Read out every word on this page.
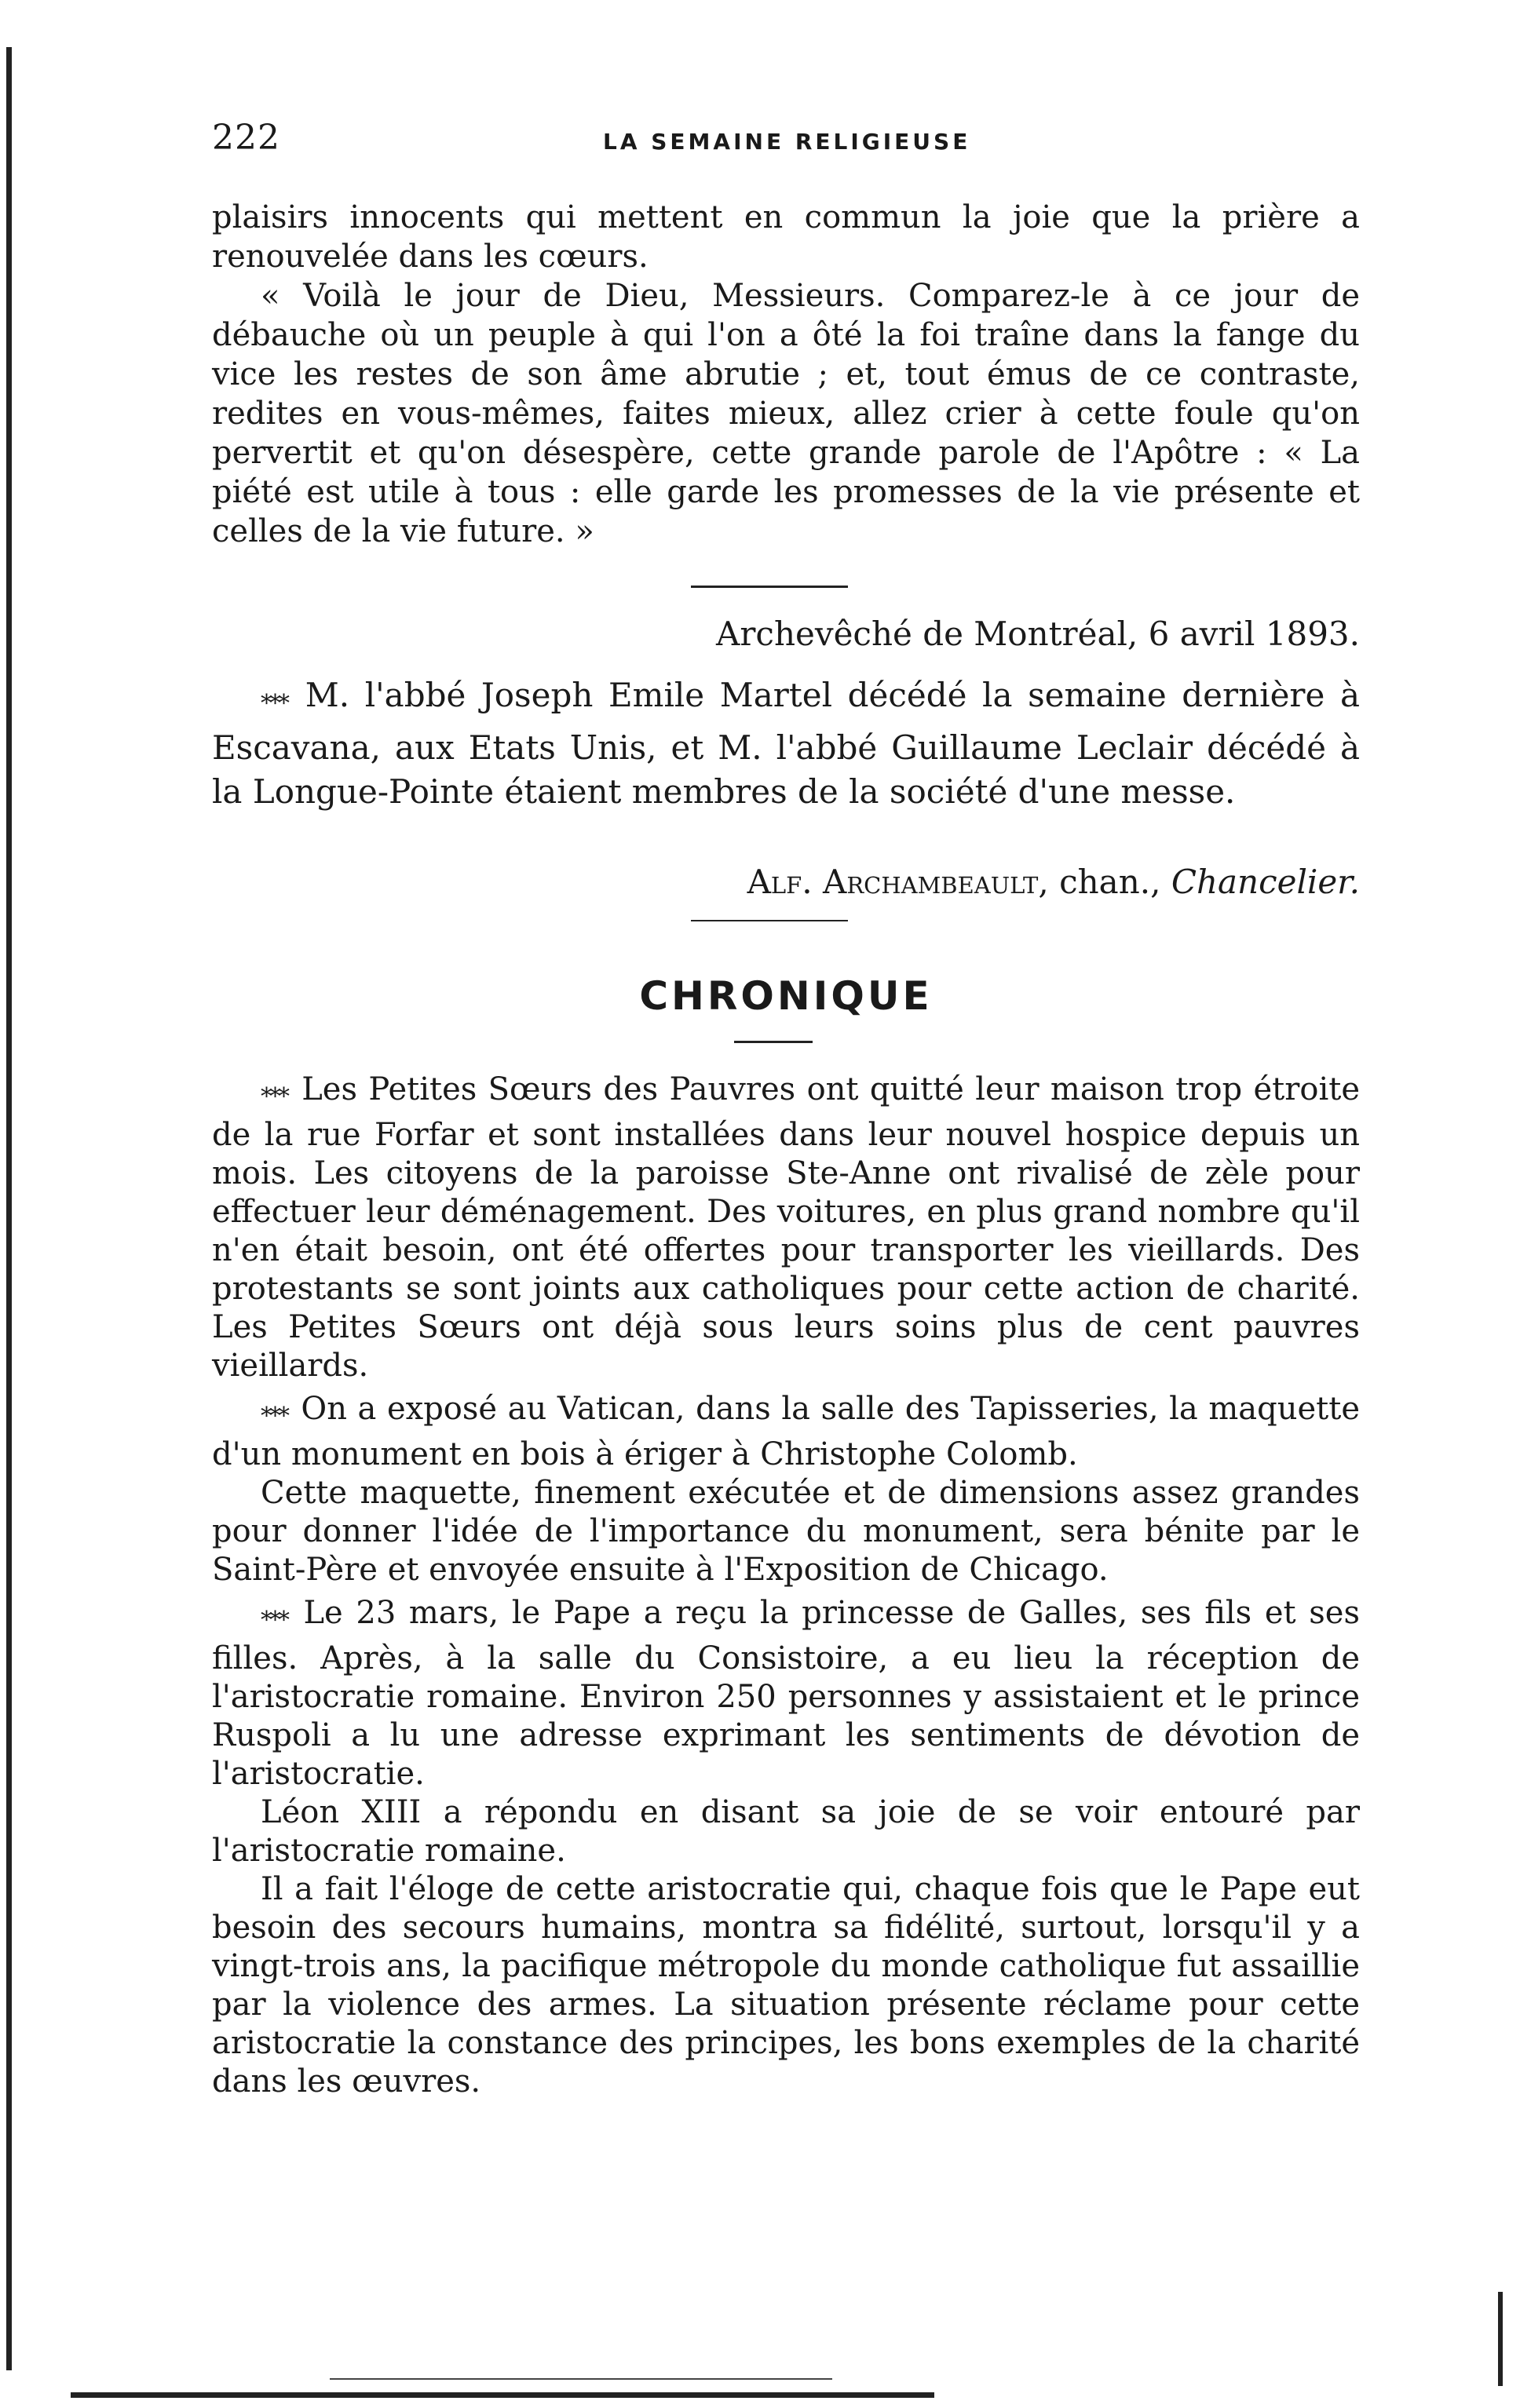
222	LA SEMAINE RELIGIEUSE

plaisirs innocents qui mettent en commun la joie que la prière a renouvelée dans les cœurs.

« Voilà le jour de Dieu, Messieurs. Comparez-le à ce jour de débauche où un peuple à qui l'on a ôté la foi traîne dans la fange du vice les restes de son âme abrutie ; et, tout émus de ce contraste, redites en vous-mêmes, faites mieux, allez crier à cette foule qu'on pervertit et qu'on désespère, cette grande parole de l'Apôtre : « La piété est utile à tous : elle garde les promesses de la vie présente et celles de la vie future. »

Archevêché de Montréal, 6 avril 1893.

*** M. l'abbé Joseph Emile Martel décédé la semaine dernière à Escavana, aux Etats Unis, et M. l'abbé Guillaume Leclair décédé à la Longue-Pointe étaient membres de la société d'une messe.

Alf. Archambeault, chan., Chancelier.
CHRONIQUE

*** Les Petites Sœurs des Pauvres ont quitté leur maison trop étroite de la rue Forfar et sont installées dans leur nouvel hospice depuis un mois. Les citoyens de la paroisse Ste-Anne ont rivalisé de zèle pour effectuer leur déménagement. Des voitures, en plus grand nombre qu'il n'en était besoin, ont été offertes pour transporter les vieillards. Des protestants se sont joints aux catholiques pour cette action de charité. Les Petites Sœurs ont déjà sous leurs soins plus de cent pauvres vieillards.

*** On a exposé au Vatican, dans la salle des Tapisseries, la maquette d'un monument en bois à ériger à Christophe Colomb.

Cette maquette, finement exécutée et de dimensions assez grandes pour donner l'idée de l'importance du monument, sera bénite par le Saint-Père et envoyée ensuite à l'Exposition de Chicago.

*** Le 23 mars, le Pape a reçu la princesse de Galles, ses fils et ses filles. Après, à la salle du Consistoire, a eu lieu la réception de l'aristocratie romaine. Environ 250 personnes y assistaient et le prince Ruspoli a lu une adresse exprimant les sentiments de dévotion de l'aristocratie.

Léon XIII a répondu en disant sa joie de se voir entouré par l'aristocratie romaine.

Il a fait l'éloge de cette aristocratie qui, chaque fois que le Pape eut besoin des secours humains, montra sa fidélité, surtout, lorsqu'il y a vingt-trois ans, la pacifique métropole du monde catholique fut assaillie par la violence des armes. La situation présente réclame pour cette aristocratie la constance des principes, les bons exemples de la charité dans les œuvres.
